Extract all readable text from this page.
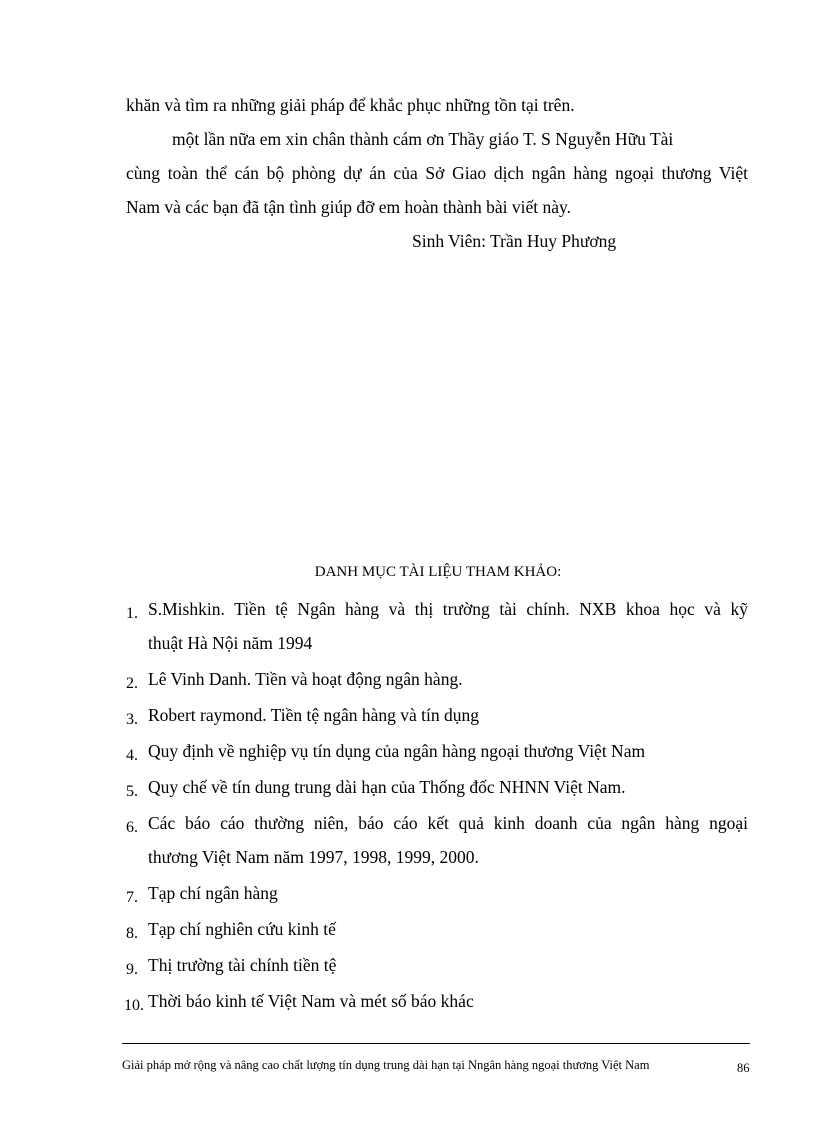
khăn và tìm ra những giải pháp để khắc phục những tồn tại trên.
một lần nữa em xin chân thành cám ơn Thầy giáo T. S Nguyễn Hữu Tài
cùng toàn thể cán bộ phòng dự án của Sở Giao dịch ngân hàng ngoại thương Việt
Nam và các bạn đã tận tình giúp đỡ em hoàn thành bài viết này.
Sinh Viên: Trần Huy Phương
DANH MỤC TÀI LIỆU THAM KHẢO:
1. S.Mishkin. Tiền tệ Ngân hàng và thị trường tài chính. NXB khoa học và kỹ
thuật Hà Nội năm 1994
2. Lê Vinh Danh. Tiền và hoạt động ngân hàng.
3. Robert raymond. Tiền tệ ngân hàng và tín dụng
4. Quy định về nghiệp vụ tín dụng của ngân hàng ngoại thương Việt Nam
5. Quy chế về tín dung trung dài hạn của Thống đốc NHNN Việt Nam.
6. Các báo cáo thường niên, báo cáo kết quả kinh doanh của ngân hàng ngoại
thương Việt Nam năm 1997, 1998, 1999, 2000.
7. Tạp chí ngân hàng
8. Tạp chí nghiên cứu kinh tế
9. Thị trường tài chính tiền tệ
10. Thời báo kinh tế Việt Nam và mét số báo khác
Giải pháp mở rộng và nâng cao chất lượng tín dụng trung dài hạn tại Nngân hàng ngoại thương Việt Nam	86
